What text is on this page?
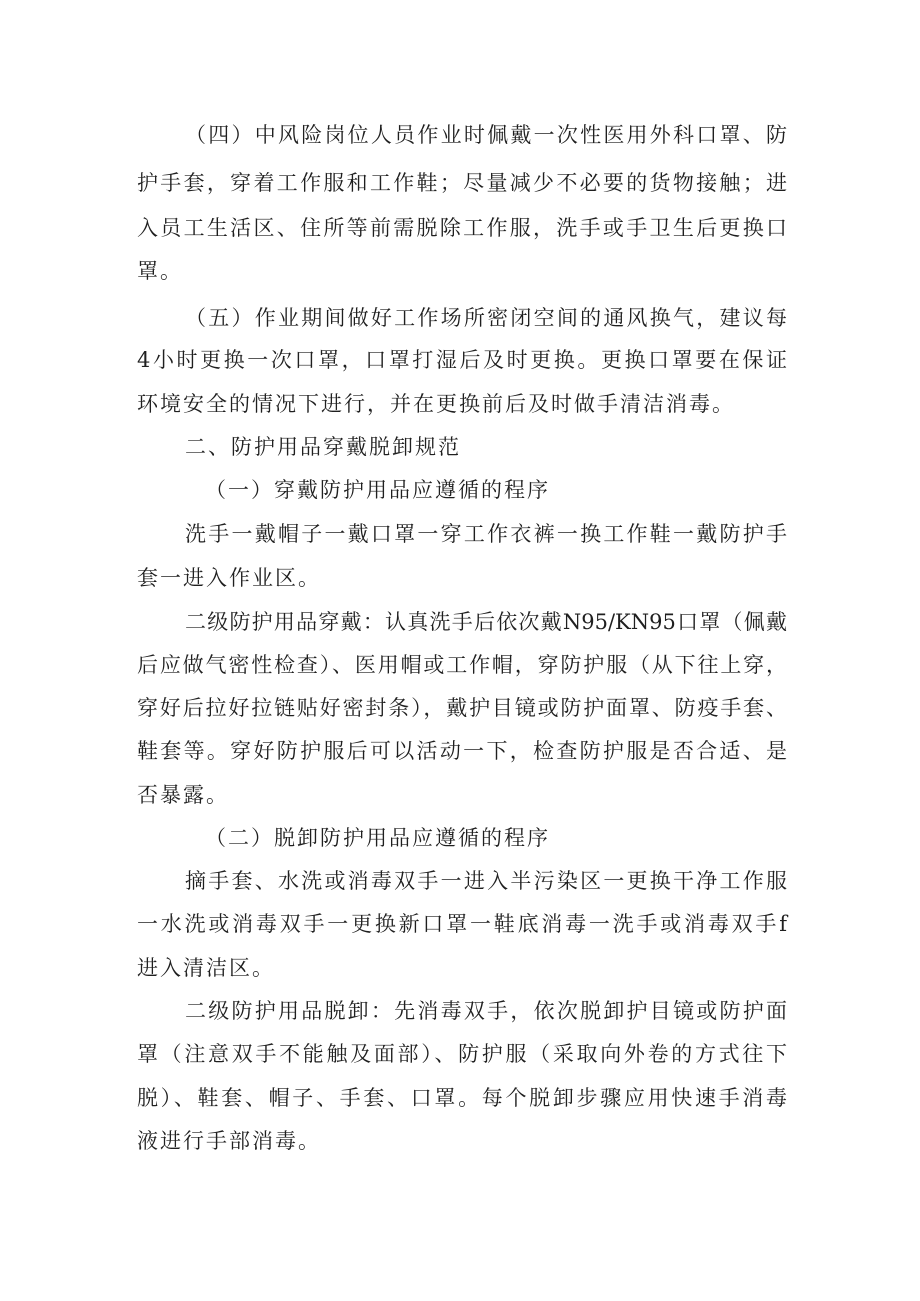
（四）中风险岗位人员作业时佩戴一次性医用外科口罩、防
护手套，穿着工作服和工作鞋；尽量减少不必要的货物接触；进
入员工生活区、住所等前需脱除工作服，洗手或手卫生后更换口
罩。
（五）作业期间做好工作场所密闭空间的通风换气，建议每
4小时更换一次口罩，口罩打湿后及时更换。更换口罩要在保证
环境安全的情况下进行，并在更换前后及时做手清洁消毒。
二、防护用品穿戴脱卸规范
（一）穿戴防护用品应遵循的程序
洗手一戴帽子一戴口罩一穿工作衣裤一换工作鞋一戴防护手
套一进入作业区。
二级防护用品穿戴：认真洗手后依次戴N95/KN95口罩（佩戴
后应做气密性检查）、医用帽或工作帽，穿防护服（从下往上穿，
穿好后拉好拉链贴好密封条），戴护目镜或防护面罩、防疫手套、
鞋套等。穿好防护服后可以活动一下，检查防护服是否合适、是
否暴露。
（二）脱卸防护用品应遵循的程序
摘手套、水洗或消毒双手一进入半污染区一更换干净工作服
一水洗或消毒双手一更换新口罩一鞋底消毒一洗手或消毒双手f
进入清洁区。
二级防护用品脱卸：先消毒双手，依次脱卸护目镜或防护面
罩（注意双手不能触及面部）、防护服（采取向外卷的方式往下
脱）、鞋套、帽子、手套、口罩。每个脱卸步骤应用快速手消毒
液进行手部消毒。
